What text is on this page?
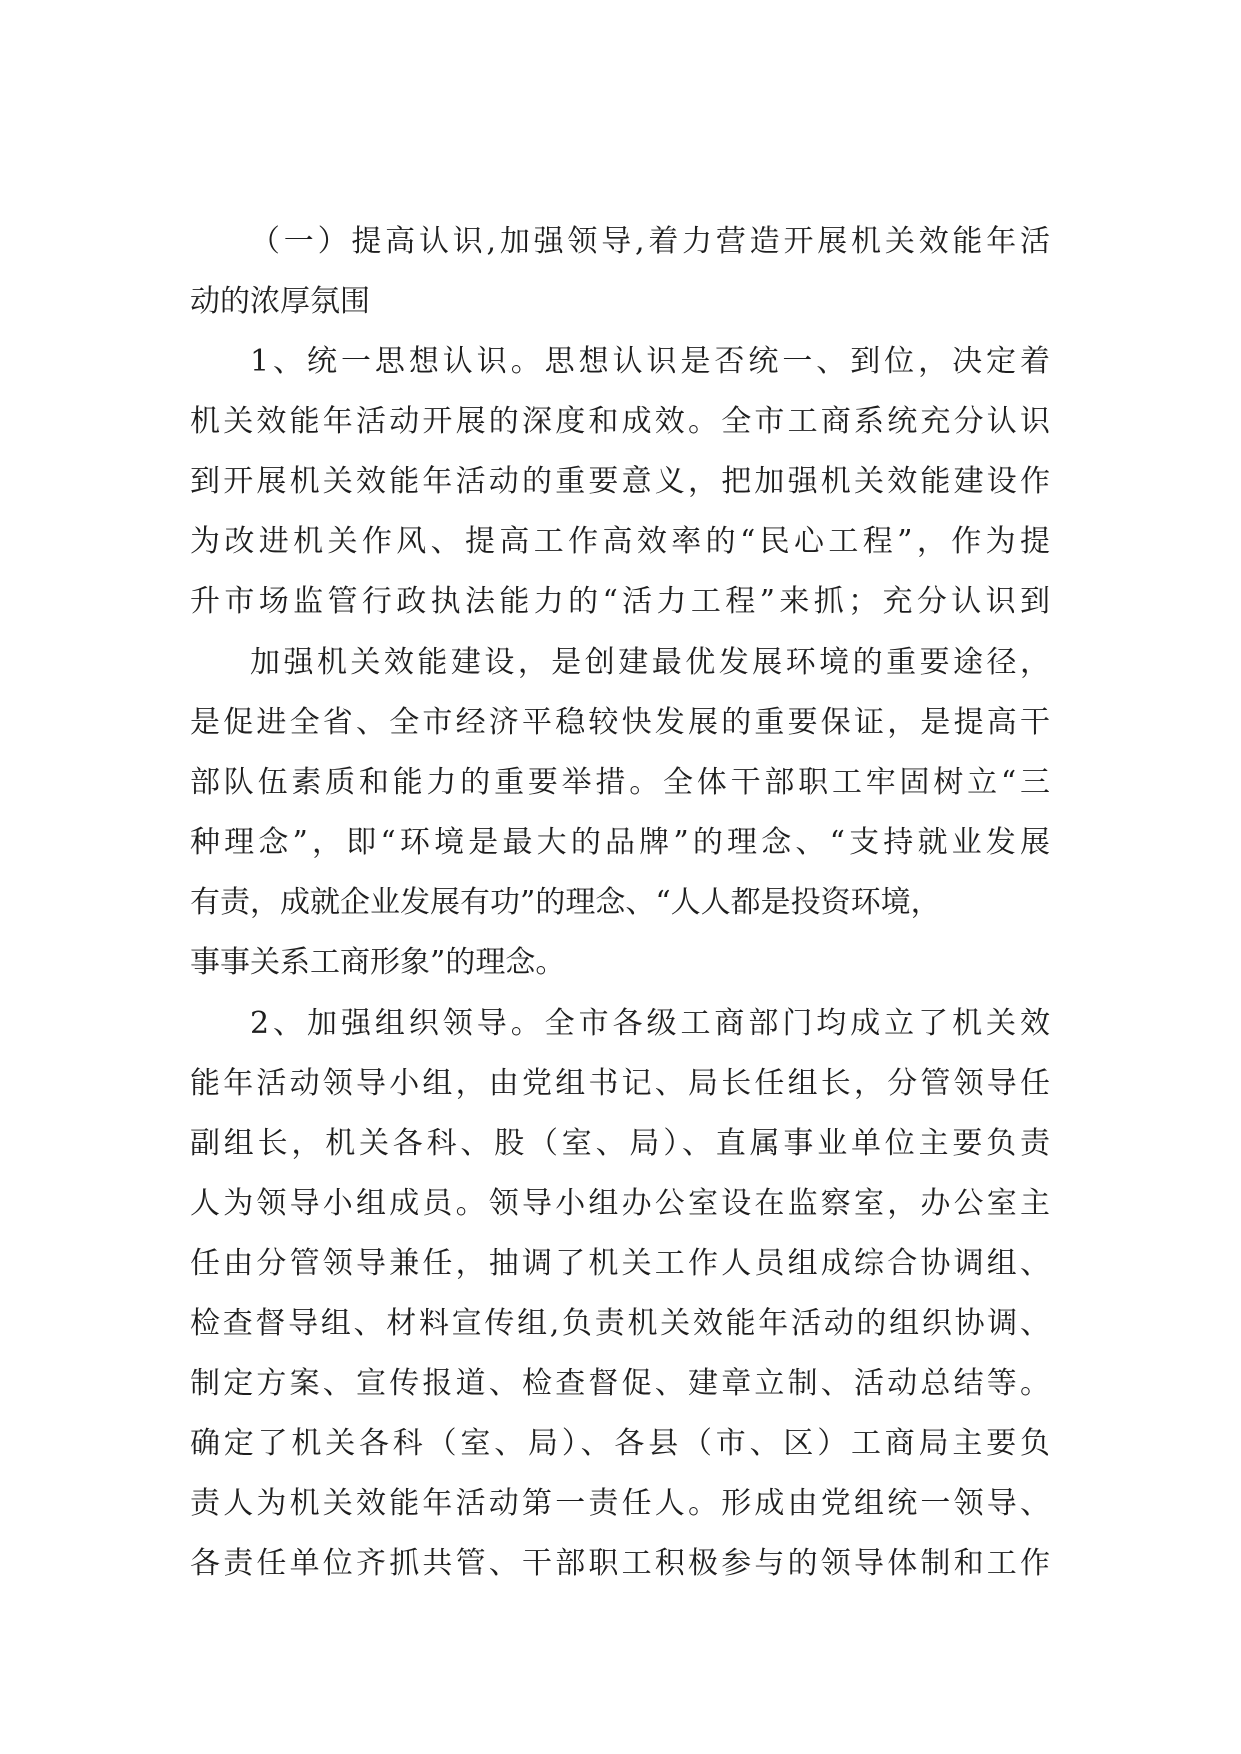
（一）提高认识,加强领导,着力营造开展机关效能年活

动的浓厚氛围

1、统一思想认识。思想认识是否统一、到位，决定着

机关效能年活动开展的深度和成效。全市工商系统充分认识

到开展机关效能年活动的重要意义，把加强机关效能建设作

为改进机关作风、提高工作高效率的“民心工程”，作为提

升市场监管行政执法能力的“活力工程”来抓；充分认识到

加强机关效能建设，是创建最优发展环境的重要途径，

是促进全省、全市经济平稳较快发展的重要保证，是提高干

部队伍素质和能力的重要举措。全体干部职工牢固树立“三

种理念”，即“环境是最大的品牌”的理念、“支持就业发展

有责，成就企业发展有功”的理念、“人人都是投资环境，

事事关系工商形象”的理念。

2、加强组织领导。全市各级工商部门均成立了机关效

能年活动领导小组，由党组书记、局长任组长，分管领导任

副组长，机关各科、股（室、局）、直属事业单位主要负责

人为领导小组成员。领导小组办公室设在监察室，办公室主

任由分管领导兼任，抽调了机关工作人员组成综合协调组、

检查督导组、材料宣传组,负责机关效能年活动的组织协调、

制定方案、宣传报道、检查督促、建章立制、活动总结等。

确定了机关各科（室、局）、各县（市、区）工商局主要负

责人为机关效能年活动第一责任人。形成由党组统一领导、

各责任单位齐抓共管、干部职工积极参与的领导体制和工作
